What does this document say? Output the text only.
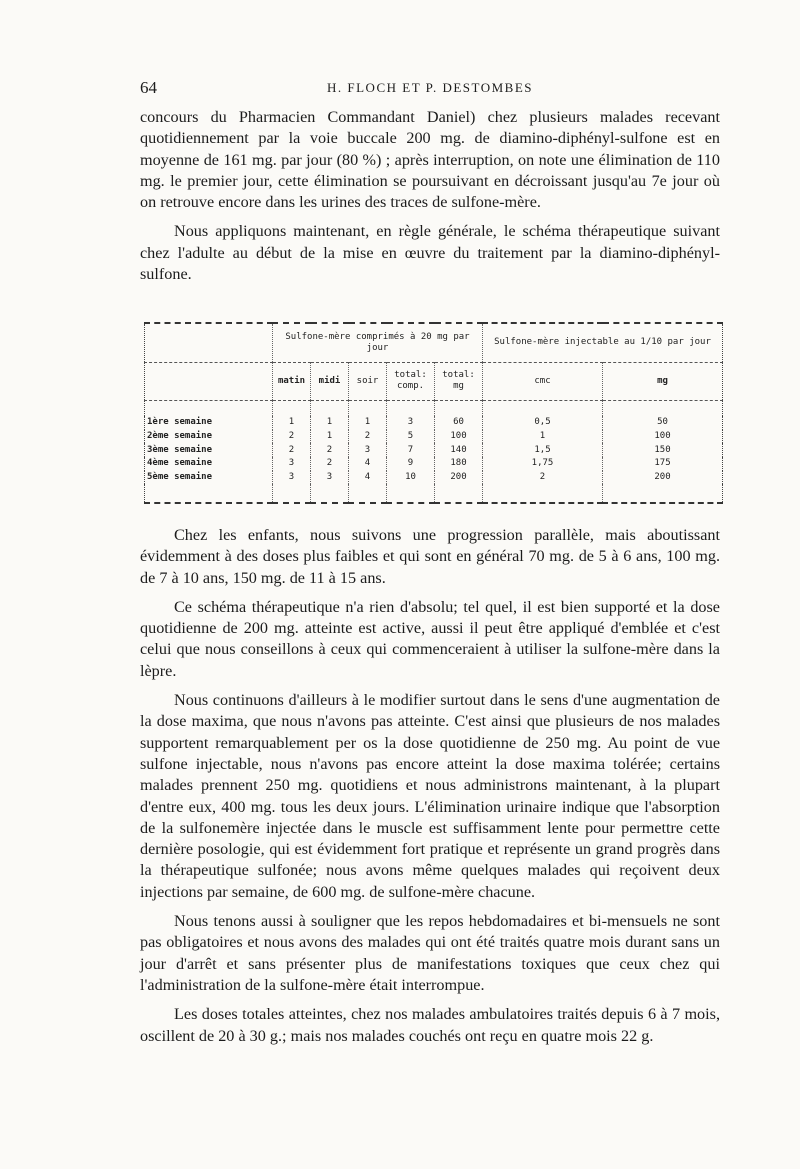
64	H. FLOCH ET P. DESTOMBES

concours du Pharmacien Commandant Daniel) chez plusieurs malades recevant quotidiennement par la voie buccale 200 mg. de diamino-diphényl-sulfone est en moyenne de 161 mg. par jour (80 %) ; après interruption, on note une élimination de 110 mg. le premier jour, cette élimination se poursuivant en décroissant jusqu'au 7e jour où on retrouve encore dans les urines des traces de sulfone-mère.

Nous appliquons maintenant, en règle générale, le schéma thérapeutique suivant chez l'adulte au début de la mise en œuvre du traitement par la diamino-diphényl-sulfone.

	Sulfone-mère comprimés à 20 mg par jour					Sulfone-mère injectable au 1/10 par jour	
	matin	midi	soir	total: comp.	total: mg	cmc	mg

1ère semaine	1	1	1	3	60	0,5	50
2ème semaine	2	1	2	5	100	1	100
3ème semaine	2	2	3	7	140	1,5	150
4ème semaine	3	2	4	9	180	1,75	175
5ème semaine	3	3	4	10	200	2	200

Chez les enfants, nous suivons une progression parallèle, mais aboutissant évidemment à des doses plus faibles et qui sont en général 70 mg. de 5 à 6 ans, 100 mg. de 7 à 10 ans, 150 mg. de 11 à 15 ans.

Ce schéma thérapeutique n'a rien d'absolu; tel quel, il est bien supporté et la dose quotidienne de 200 mg. atteinte est active, aussi il peut être appliqué d'emblée et c'est celui que nous conseillons à ceux qui commenceraient à utiliser la sulfone-mère dans la lèpre.

Nous continuons d'ailleurs à le modifier surtout dans le sens d'une augmentation de la dose maxima, que nous n'avons pas atteinte. C'est ainsi que plusieurs de nos malades supportent remarquablement per os la dose quotidienne de 250 mg. Au point de vue sulfone injectable, nous n'avons pas encore atteint la dose maxima tolérée; certains malades prennent 250 mg. quotidiens et nous administrons maintenant, à la plupart d'entre eux, 400 mg. tous les deux jours. L'élimination urinaire indique que l'absorption de la sulfonemère injectée dans le muscle est suffisamment lente pour permettre cette dernière posologie, qui est évidemment fort pratique et représente un grand progrès dans la thérapeutique sulfonée; nous avons même quelques malades qui reçoivent deux injections par semaine, de 600 mg. de sulfone-mère chacune.

Nous tenons aussi à souligner que les repos hebdomadaires et bi-mensuels ne sont pas obligatoires et nous avons des malades qui ont été traités quatre mois durant sans un jour d'arrêt et sans présenter plus de manifestations toxiques que ceux chez qui l'administration de la sulfone-mère était interrompue.

Les doses totales atteintes, chez nos malades ambulatoires traités depuis 6 à 7 mois, oscillent de 20 à 30 g.; mais nos malades couchés ont reçu en quatre mois 22 g.
